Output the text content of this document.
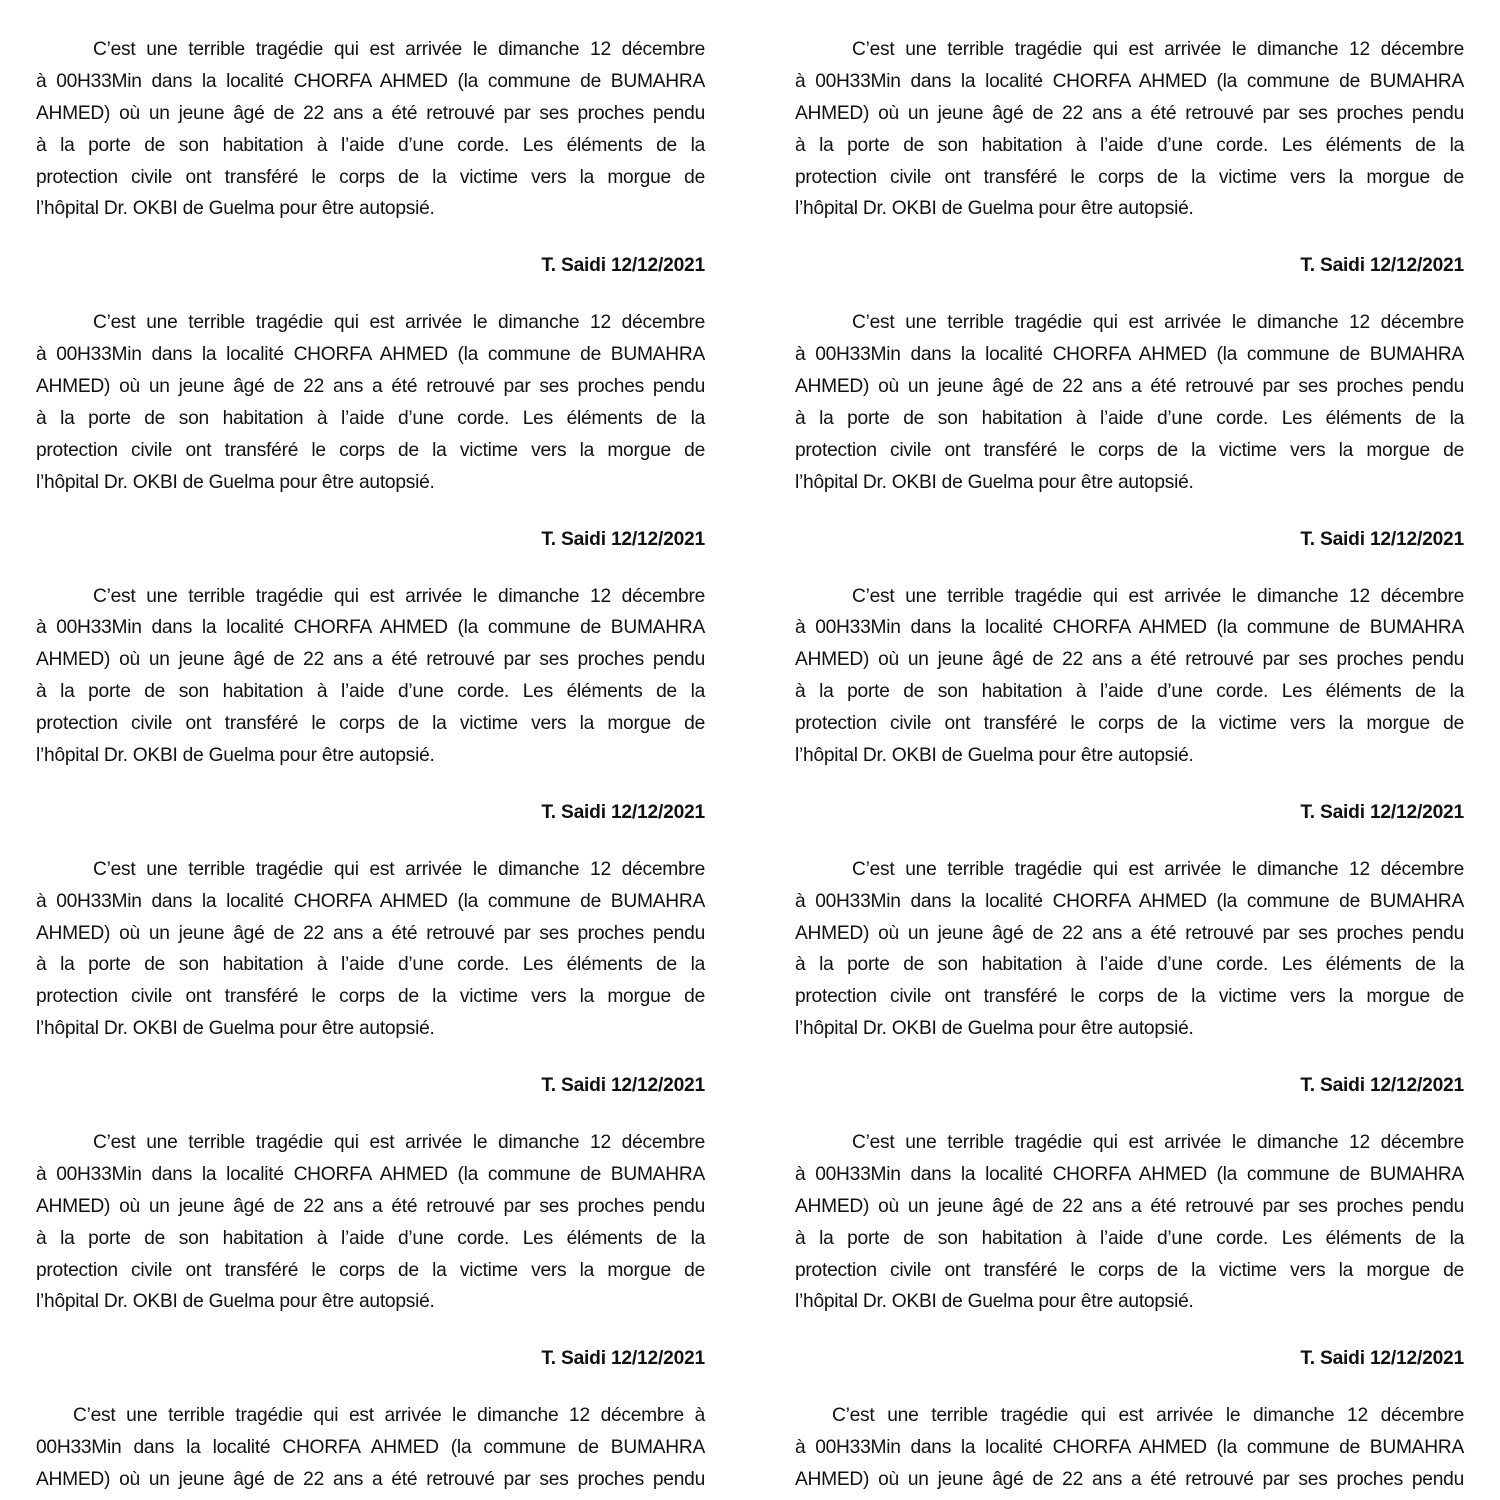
C’est une terrible tragédie qui est arrivée le dimanche 12 décembre
à 00H33Min dans la localité CHORFA AHMED (la commune de BUMAHRA
AHMED) où un jeune âgé de 22 ans a été retrouvé par ses proches pendu
à la porte de son habitation à l’aide d’une corde. Les éléments de la
protection civile ont transféré le corps de la victime vers la morgue de
l’hôpital Dr. OKBI de Guelma pour être autopsié.
T. Saidi 12/12/2021
C’est une terrible tragédie qui est arrivée le dimanche 12 décembre
à 00H33Min dans la localité CHORFA AHMED (la commune de BUMAHRA
AHMED) où un jeune âgé de 22 ans a été retrouvé par ses proches pendu
à la porte de son habitation à l’aide d’une corde. Les éléments de la
protection civile ont transféré le corps de la victime vers la morgue de
l’hôpital Dr. OKBI de Guelma pour être autopsié.
T. Saidi 12/12/2021
C’est une terrible tragédie qui est arrivée le dimanche 12 décembre
à 00H33Min dans la localité CHORFA AHMED (la commune de BUMAHRA
AHMED) où un jeune âgé de 22 ans a été retrouvé par ses proches pendu
à la porte de son habitation à l’aide d’une corde. Les éléments de la
protection civile ont transféré le corps de la victime vers la morgue de
l’hôpital Dr. OKBI de Guelma pour être autopsié.
T. Saidi 12/12/2021
C’est une terrible tragédie qui est arrivée le dimanche 12 décembre
à 00H33Min dans la localité CHORFA AHMED (la commune de BUMAHRA
AHMED) où un jeune âgé de 22 ans a été retrouvé par ses proches pendu
à la porte de son habitation à l’aide d’une corde. Les éléments de la
protection civile ont transféré le corps de la victime vers la morgue de
l’hôpital Dr. OKBI de Guelma pour être autopsié.
T. Saidi 12/12/2021
C’est une terrible tragédie qui est arrivée le dimanche 12 décembre
à 00H33Min dans la localité CHORFA AHMED (la commune de BUMAHRA
AHMED) où un jeune âgé de 22 ans a été retrouvé par ses proches pendu
à la porte de son habitation à l’aide d’une corde. Les éléments de la
protection civile ont transféré le corps de la victime vers la morgue de
l’hôpital Dr. OKBI de Guelma pour être autopsié.
T. Saidi 12/12/2021
C’est une terrible tragédie qui est arrivée le dimanche 12 décembre à
00H33Min dans la localité CHORFA AHMED (la commune de BUMAHRA
AHMED) où un jeune âgé de 22 ans a été retrouvé par ses proches pendu
C’est une terrible tragédie qui est arrivée le dimanche 12 décembre
à 00H33Min dans la localité CHORFA AHMED (la commune de BUMAHRA
AHMED) où un jeune âgé de 22 ans a été retrouvé par ses proches pendu
à la porte de son habitation à l’aide d’une corde. Les éléments de la
protection civile ont transféré le corps de la victime vers la morgue de
l’hôpital Dr. OKBI de Guelma pour être autopsié.
T. Saidi 12/12/2021
C’est une terrible tragédie qui est arrivée le dimanche 12 décembre
à 00H33Min dans la localité CHORFA AHMED (la commune de BUMAHRA
AHMED) où un jeune âgé de 22 ans a été retrouvé par ses proches pendu
à la porte de son habitation à l’aide d’une corde. Les éléments de la
protection civile ont transféré le corps de la victime vers la morgue de
l’hôpital Dr. OKBI de Guelma pour être autopsié.
T. Saidi 12/12/2021
C’est une terrible tragédie qui est arrivée le dimanche 12 décembre
à 00H33Min dans la localité CHORFA AHMED (la commune de BUMAHRA
AHMED) où un jeune âgé de 22 ans a été retrouvé par ses proches pendu
à la porte de son habitation à l’aide d’une corde. Les éléments de la
protection civile ont transféré le corps de la victime vers la morgue de
l’hôpital Dr. OKBI de Guelma pour être autopsié.
T. Saidi 12/12/2021
C’est une terrible tragédie qui est arrivée le dimanche 12 décembre
à 00H33Min dans la localité CHORFA AHMED (la commune de BUMAHRA
AHMED) où un jeune âgé de 22 ans a été retrouvé par ses proches pendu
à la porte de son habitation à l’aide d’une corde. Les éléments de la
protection civile ont transféré le corps de la victime vers la morgue de
l’hôpital Dr. OKBI de Guelma pour être autopsié.
T. Saidi 12/12/2021
C’est une terrible tragédie qui est arrivée le dimanche 12 décembre
à 00H33Min dans la localité CHORFA AHMED (la commune de BUMAHRA
AHMED) où un jeune âgé de 22 ans a été retrouvé par ses proches pendu
à la porte de son habitation à l’aide d’une corde. Les éléments de la
protection civile ont transféré le corps de la victime vers la morgue de
l’hôpital Dr. OKBI de Guelma pour être autopsié.
T. Saidi 12/12/2021
C’est une terrible tragédie qui est arrivée le dimanche 12 décembre
à 00H33Min dans la localité CHORFA AHMED (la commune de BUMAHRA
AHMED) où un jeune âgé de 22 ans a été retrouvé par ses proches pendu
